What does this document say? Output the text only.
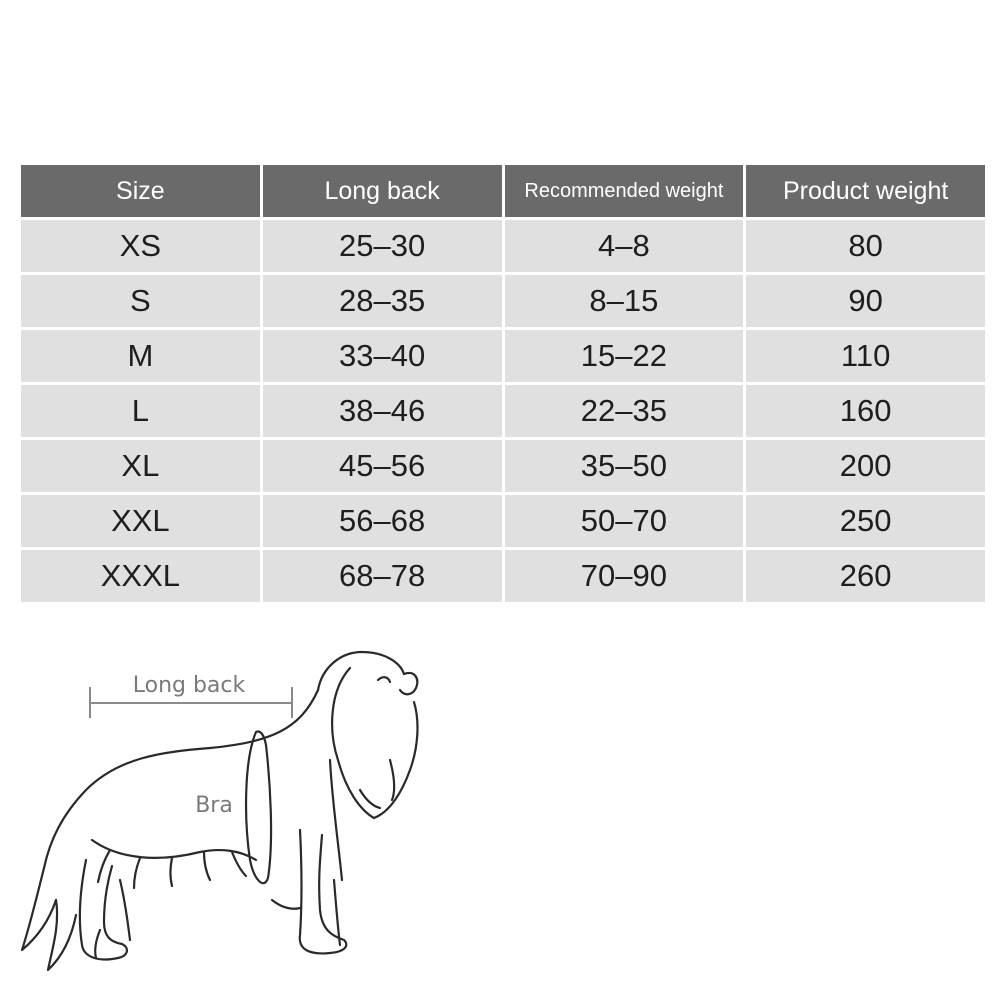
Size	Long back	Recommended weight	Product weight
XS	25–30	4–8	80
S	28–35	8–15	90
M	33–40	15–22	110
L	38–46	22–35	160
XL	45–56	35–50	200
XXL	56–68	50–70	250
XXXL	68–78	70–90	260
Long back
Bra
